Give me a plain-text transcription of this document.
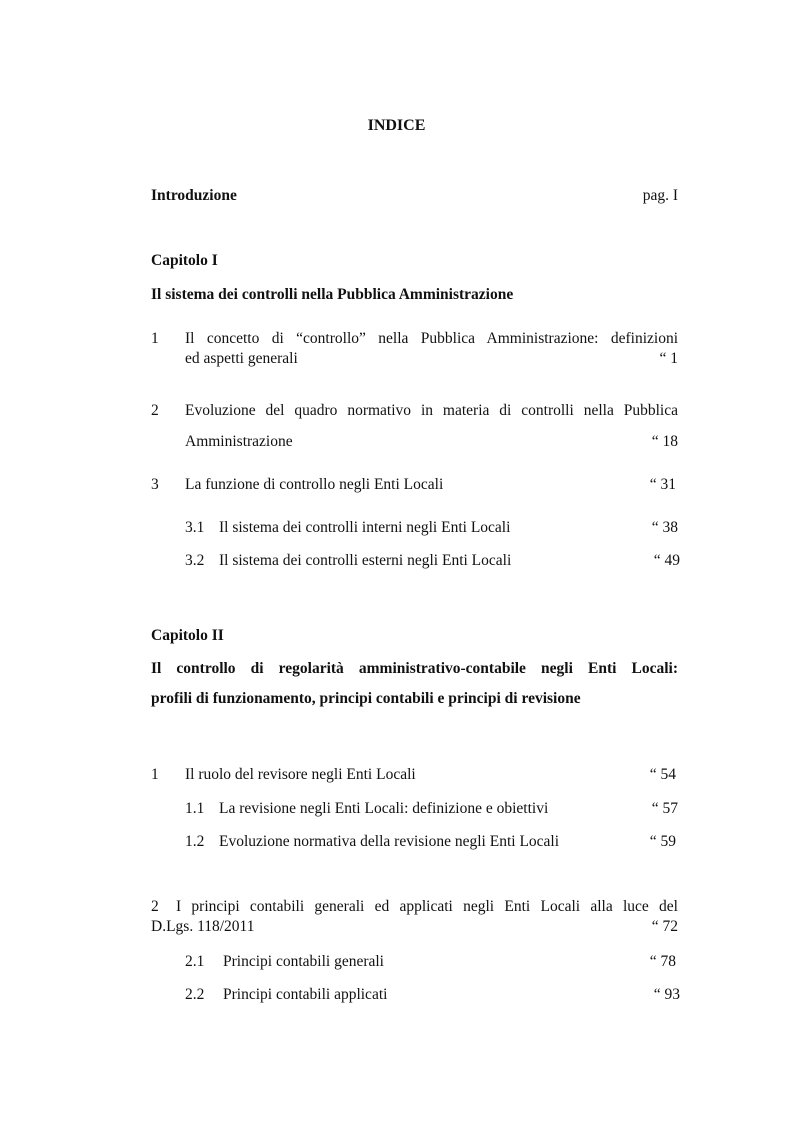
INDICE
Introduzione	pag. I
Capitolo I
Il sistema dei controlli nella Pubblica Amministrazione
1 Il concetto di “controllo” nella Pubblica Amministrazione: definizioni
ed aspetti generali	“ 1
2 Evoluzione del quadro normativo in materia di controlli nella Pubblica
Amministrazione	“ 18
3 La funzione di controllo negli Enti Locali	“ 31
3.1 Il sistema dei controlli interni negli Enti Locali	“ 38
3.2 Il sistema dei controlli esterni negli Enti Locali	“ 49
Capitolo II
Il controllo di regolarità amministrativo-contabile negli Enti Locali:
profili di funzionamento, principi contabili e principi di revisione
1 Il ruolo del revisore negli Enti Locali	“ 54
1.1 La revisione negli Enti Locali: definizione e obiettivi	“ 57
1.2 Evoluzione normativa della revisione negli Enti Locali	“ 59
2 I principi contabili generali ed applicati negli Enti Locali alla luce del
D.Lgs. 118/2011	“ 72
2.1 Principi contabili generali	“ 78
2.2 Principi contabili applicati	“ 93
